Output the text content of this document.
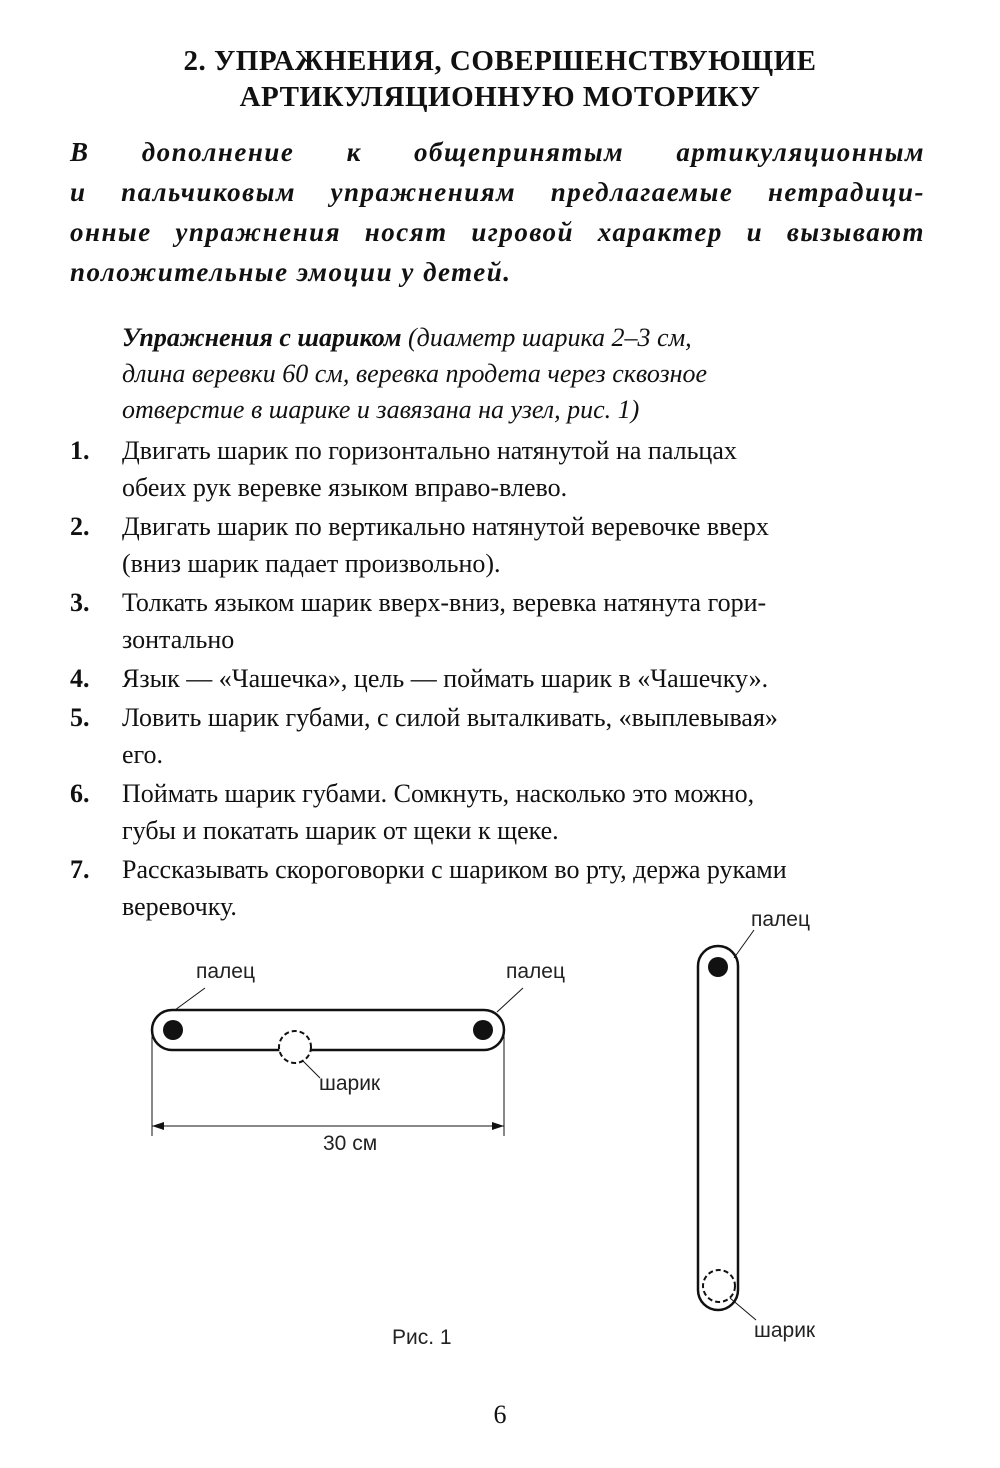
2. УПРАЖНЕНИЯ, СОВЕРШЕНСТВУЮЩИЕ
АРТИКУЛЯЦИОННУЮ МОТОРИКУ
В дополнение к общепринятым артикуляционным
и пальчиковым упражнениям предлагаемые нетрадици-
онные упражнения носят игровой характер и вызывают
положительные эмоции у детей.
Упражнения с шариком (диаметр шарика 2–3 см,
длина веревки 60 см, веревка продета через сквозное
отверстие в шарике и завязана на узел, рис. 1)
1. Двигать шарик по горизонтально натянутой на пальцах
обеих рук веревке языком вправо-влево.
2. Двигать шарик по вертикально натянутой веревочке вверх
(вниз шарик падает произвольно).
3. Толкать языком шарик вверх-вниз, веревка натянута гори-
зонтально
4. Язык — «Чашечка», цель — поймать шарик в «Чашечку».
5. Ловить шарик губами, с силой выталкивать, «выплевывая»
его.
6. Поймать шарик губами. Сомкнуть, насколько это можно,
губы и покатать шарик от щеки к щеке.
7. Рассказывать скороговорки с шариком во рту, держа руками
веревочку.
палец	палец
шарик
30 см
палец
шарик
Рис. 1
6
